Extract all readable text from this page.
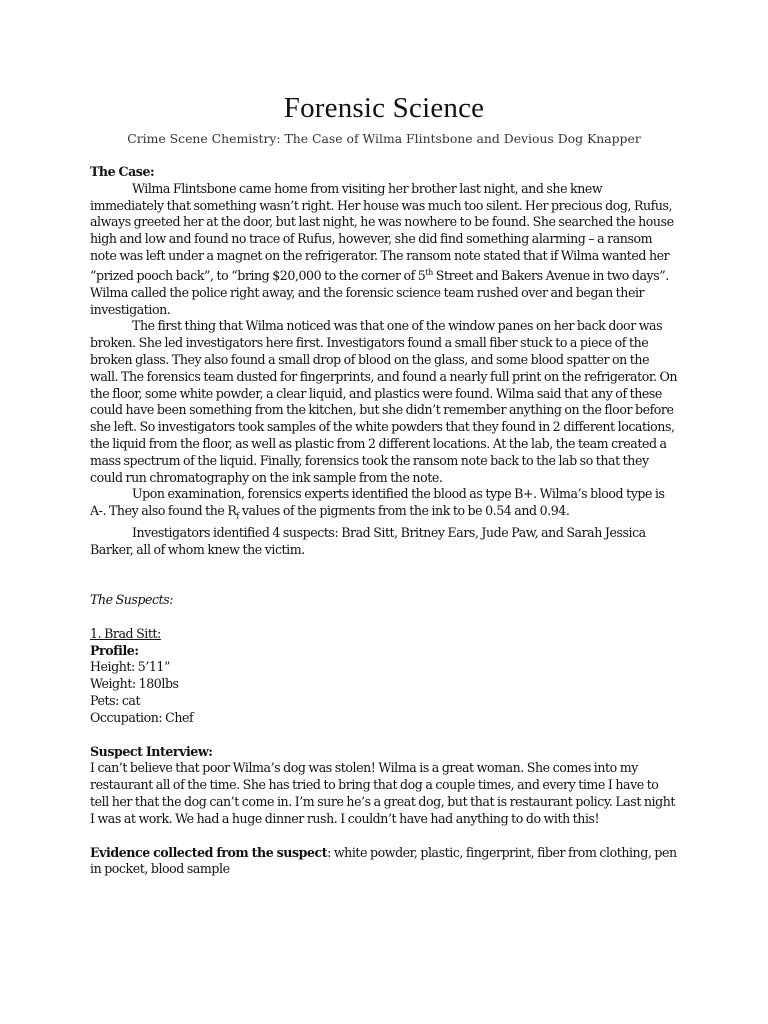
Forensic Science
Crime Scene Chemistry: The Case of Wilma Flintsbone and Devious Dog Knapper

The Case:

Wilma Flintsbone came home from visiting her brother last night, and she knew immediately that something wasn’t right. Her house was much too silent. Her precious dog, Rufus, always greeted her at the door, but last night, he was nowhere to be found. She searched the house high and low and found no trace of Rufus, however, she did find something alarming – a ransom note was left under a magnet on the refrigerator. The ransom note stated that if Wilma wanted her “prized pooch back”, to “bring $20,000 to the corner of 5th Street and Bakers Avenue in two days”. Wilma called the police right away, and the forensic science team rushed over and began their investigation.

The first thing that Wilma noticed was that one of the window panes on her back door was broken. She led investigators here first. Investigators found a small fiber stuck to a piece of the broken glass. They also found a small drop of blood on the glass, and some blood spatter on the wall. The forensics team dusted for fingerprints, and found a nearly full print on the refrigerator. On the floor, some white powder, a clear liquid, and plastics were found. Wilma said that any of these could have been something from the kitchen, but she didn’t remember anything on the floor before she left. So investigators took samples of the white powders that they found in 2 different locations, the liquid from the floor, as well as plastic from 2 different locations. At the lab, the team created a mass spectrum of the liquid. Finally, forensics took the ransom note back to the lab so that they could run chromatography on the ink sample from the note.

Upon examination, forensics experts identified the blood as type B+. Wilma’s blood type is A-. They also found the $R_f$ values of the pigments from the ink to be 0.54 and 0.94.

Investigators identified 4 suspects: Brad Sitt, Britney Ears, Jude Paw, and Sarah Jessica Barker, all of whom knew the victim.

The Suspects:

1. Brad Sitt:

Profile:

Height: 5’11”

Weight: 180lbs

Pets: cat

Occupation: Chef

Suspect Interview:

I can’t believe that poor Wilma’s dog was stolen! Wilma is a great woman. She comes into my restaurant all of the time. She has tried to bring that dog a couple times, and every time I have to tell her that the dog can’t come in. I’m sure he’s a great dog, but that is restaurant policy. Last night I was at work. We had a huge dinner rush. I couldn’t have had anything to do with this!

Evidence collected from the suspect: white powder, plastic, fingerprint, fiber from clothing, pen in pocket, blood sample
